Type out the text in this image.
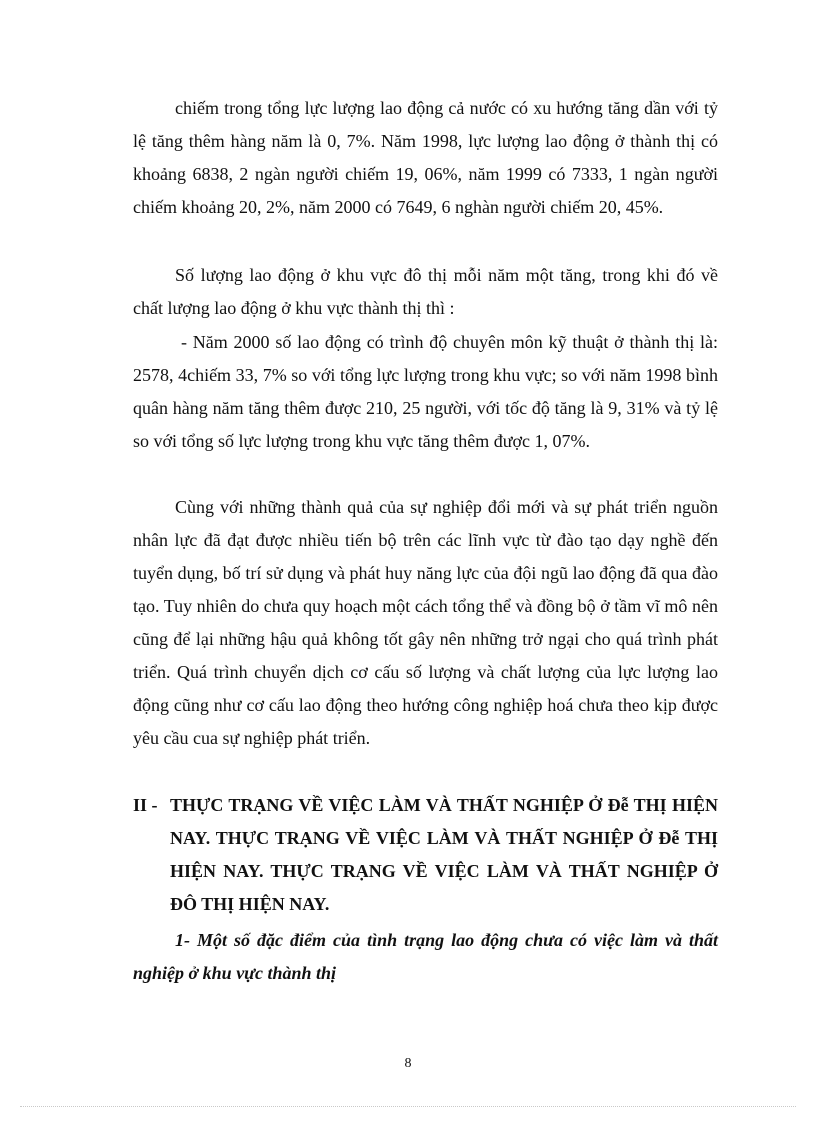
chiếm trong tổng lực lượng lao động cả nước có xu hướng tăng dần với tỷ lệ tăng thêm hàng năm là 0, 7%. Năm 1998, lực lượng lao động ở thành thị có khoảng 6838, 2 ngàn người chiếm 19, 06%, năm 1999 có 7333, 1 ngàn người chiếm khoảng 20, 2%, năm 2000 có 7649, 6 nghàn người chiếm 20, 45%.

Số lượng lao động ở khu vực đô thị mỗi năm một tăng, trong khi đó về chất lượng lao động ở khu vực thành thị thì :

- Năm 2000 số lao động có trình độ chuyên môn kỹ thuật ở thành thị là: 2578, 4chiếm 33, 7% so với tổng lực lượng trong khu vực; so với năm 1998 bình quân hàng năm tăng thêm được 210, 25 người, với tốc độ tăng là 9, 31% và tỷ lệ so với tổng số lực lượng trong khu vực tăng thêm được 1, 07%.

Cùng với những thành quả của sự nghiệp đổi mới và sự phát triển nguồn nhân lực đã đạt được nhiều tiến bộ trên các lĩnh vực từ đào tạo dạy nghề đến tuyển dụng, bố trí sử dụng và phát huy năng lực của đội ngũ lao động đã qua đào tạo. Tuy nhiên do chưa quy hoạch một cách tổng thể và đồng bộ ở tầm vĩ mô nên cũng để lại những hậu quả không tốt gây nên những trở ngại cho quá trình phát triển. Quá trình chuyển dịch cơ cấu số lượng và chất lượng của lực lượng lao động cũng như cơ cấu lao động theo hướng công nghiệp hoá chưa theo kịp được yêu cầu cua sự nghiệp phát triển.

II - THỰC TRẠNG VỀ VIỆC LÀM VÀ THẤT NGHIỆP Ở Đễ THỊ HIỆN NAY. THỰC TRẠNG VỀ VIỆC LÀM VÀ THẤT NGHIỆP Ở Đễ THỊ HIỆN NAY. THỰC TRẠNG VỀ VIỆC LÀM VÀ THẤT NGHIỆP Ở ĐÔ THỊ HIỆN NAY.

1- Một số đặc điểm của tình trạng lao động chưa có việc làm và thất nghiệp ở khu vực thành thị

8
